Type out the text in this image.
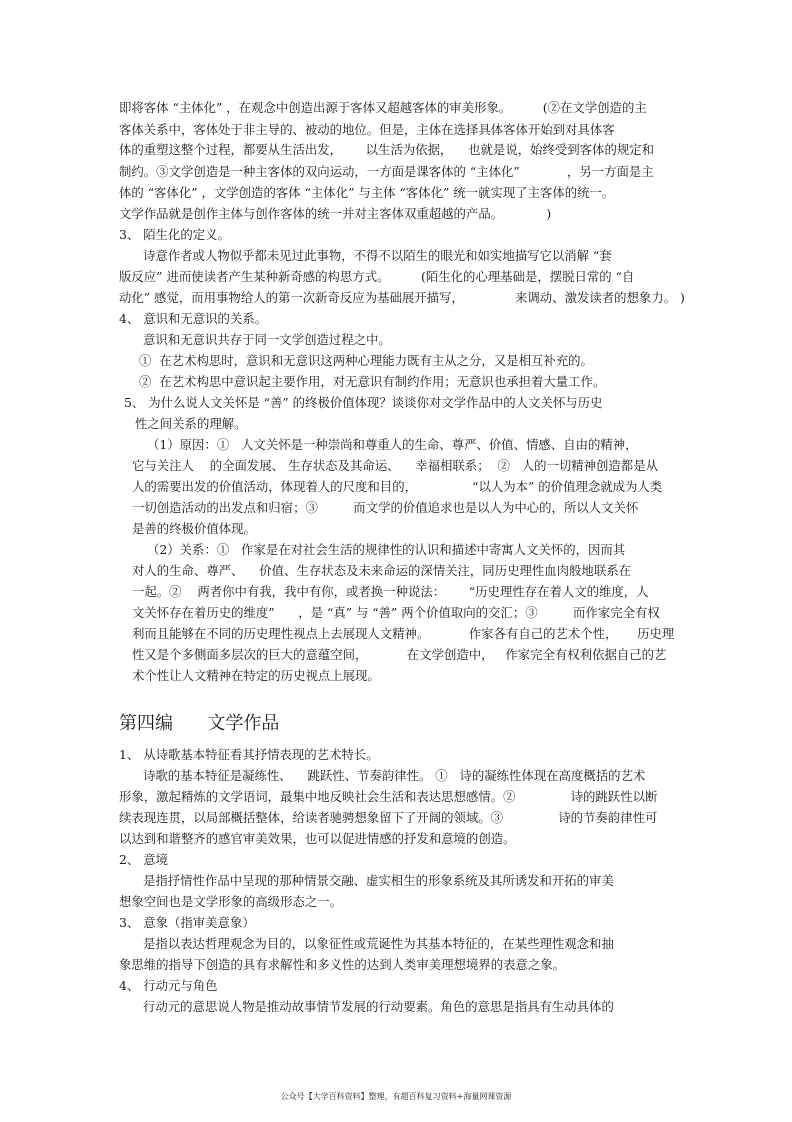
即将客体 “主体化” ，在观念中创造出源于客体又超越客体的审美形象。        (②在文学创造的主
客体关系中，客体处于非主导的、被动的地位。但是，主体在选择具体客体开始到对具体客
体的重塑这整个过程，都要从生活出发，      以生活为依据，    也就是说，始终受到客体的规定和
制约。③文学创造是一种主客体的双向运动，一方面是课客体的 “主体化”            ，另一方面是主
体的 “客体化” ，文学创造的客体 “主体化” 与主体 “客体化” 统一就实现了主客体的统一。
文学作品就是创作主体与创作客体的统一并对主客体双重超越的产品。           )
3、 陌生化的定义。
诗意作者或人物似乎都未见过此事物，不得不以陌生的眼光和如实地描写它以消解 “套
版反应” 进而使读者产生某种新奇感的构思方式。        (陌生化的心理基础是，摆脱日常的 “自
动化” 感觉，而用事物给人的第一次新奇反应为基础展开描写，             来调动、激发读者的想象力。 )
4、 意识和无意识的关系。
意识和无意识共存于同一文学创造过程之中。
①  在艺术构思时，意识和无意识这两种心理能力既有主从之分，又是相互补充的。
②  在艺术构思中意识起主要作用，对无意识有制约作用；无意识也承担着大量工作。
5、 为什么说人文关怀是 “善” 的终极价值体现？谈谈你对文学作品中的人文关怀与历史
性之间关系的理解。
（1）原因：①   人文关怀是一种崇尚和尊重人的生命、尊严、价值、情感、自由的精神，
它与关注人    的全面发展、 生存状态及其命运、    幸福相联系；  ②   人的一切精神创造都是从
人的需要出发的价值活动，体现着人的尺度和目的，              “以人为本” 的价值理念就成为人类
一切创造活动的出发点和归宿；③         而文学的价值追求也是以人为中心的，所以人文关怀
是善的终极价值体现。
（2）关系：①   作家是在对社会生活的规律性的认识和描述中寄寓人文关怀的，因而其
对人的生命、尊严、    价值、生存状态及未来命运的深情关注，同历史理性血肉般地联系在
一起。②    两者你中有我，我中有你，或者换一种说法：      “历史理性存在着人文的维度，人
文关怀存在着历史的维度”      ，是 “真” 与 “善” 两个价值取向的交汇；③         而作家完全有权
利而且能够在不同的历史理性视点上去展现人文精神。          作家各有自己的艺术个性，     历史理
性又是个多侧面多层次的巨大的意蕴空间，          在文学创造中，   作家完全有权利依据自己的艺
术个性让人文精神在特定的历史视点上展现。
第四编      文学作品
1、 从诗歌基本特征看其抒情表现的艺术特长。
诗歌的基本特征是凝练性、    跳跃性、节奏韵律性。 ①   诗的凝练性体现在高度概括的艺术
形象，激起精炼的文学语词，最集中地反映社会生活和表达思想感情。②              诗的跳跃性以断
续表现连贯，以局部概括整体，给读者驰骋想象留下了开阔的领域。③              诗的节奏韵律性可
以达到和谐整齐的感官审美效果，也可以促进情感的抒发和意境的创造。
2、 意境
是指抒情性作品中呈现的那种情景交融、虚实相生的形象系统及其所诱发和开拓的审美
想象空间也是文学形象的高级形态之一。
3、 意象（指审美意象）
是指以表达哲理观念为目的，以象征性或荒诞性为其基本特征的，在某些理性观念和抽
象思维的指导下创造的具有求解性和多义性的达到人类审美理想境界的表意之象。
4、 行动元与角色
行动元的意思说人物是推动故事情节发展的行动要素。角色的意思是指具有生动具体的
公众号【大学百科资料】整理，有超百科复习资料+海量网课资源
